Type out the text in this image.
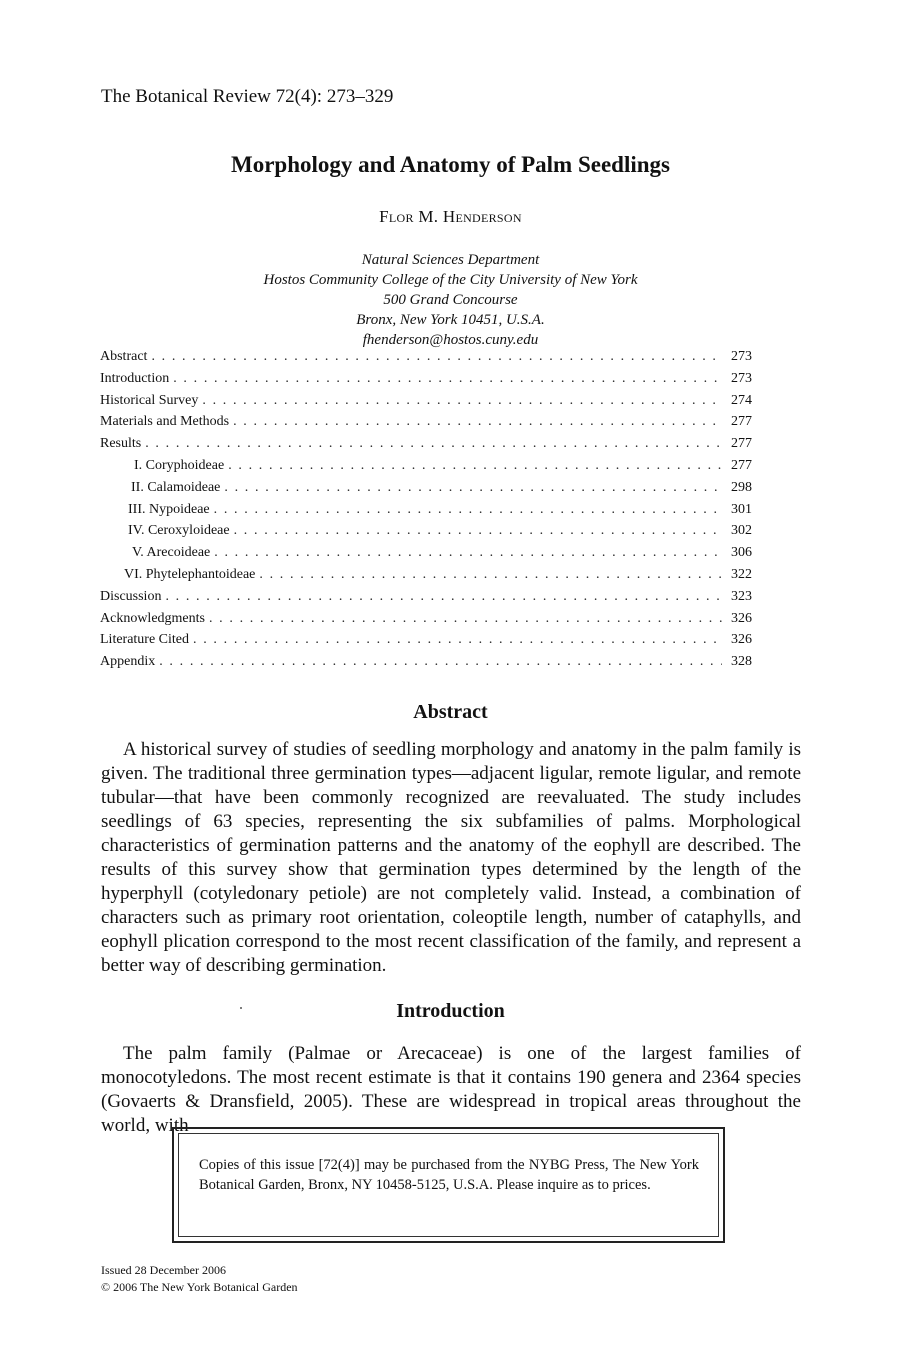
The Botanical Review 72(4): 273–329
Morphology and Anatomy of Palm Seedlings
Flor M. Henderson
Natural Sciences Department
Hostos Community College of the City University of New York
500 Grand Concourse
Bronx, New York 10451, U.S.A.
fhenderson@hostos.cuny.edu
Abstract . . .	273
Introduction . . .	273
Historical Survey . . .	274
Materials and Methods . . .	277
Results . . .	277
I. Coryphoideae . . .	277
II. Calamoideae . . .	298
III. Nypoideae . . .	301
IV. Ceroxyloideae . . .	302
V. Arecoideae . . .	306
VI. Phytelephantoideae . . .	322
Discussion . . .	323
Acknowledgments . . .	326
Literature Cited . . .	326
Appendix . . .	328
Abstract
A historical survey of studies of seedling morphology and anatomy in the palm family is given. The traditional three germination types—adjacent ligular, remote ligular, and remote tubular—that have been commonly recognized are reevaluated. The study includes seedlings of 63 species, representing the six subfamilies of palms. Morphological characteristics of germination patterns and the anatomy of the eophyll are described. The results of this survey show that germination types determined by the length of the hyperphyll (cotyledonary petiole) are not completely valid. Instead, a combination of characters such as primary root orientation, coleoptile length, number of cataphylls, and eophyll plication correspond to the most recent classification of the family, and represent a better way of describing germination.
Introduction
The palm family (Palmae or Arecaceae) is one of the largest families of monocotyledons. The most recent estimate is that it contains 190 genera and 2364 species (Govaerts & Dransfield, 2005). These are widespread in tropical areas throughout the world, with
Copies of this issue [72(4)] may be purchased from the NYBG Press, The New York Botanical Garden, Bronx, NY 10458-5125, U.S.A. Please inquire as to prices.
Issued 28 December 2006
© 2006 The New York Botanical Garden
